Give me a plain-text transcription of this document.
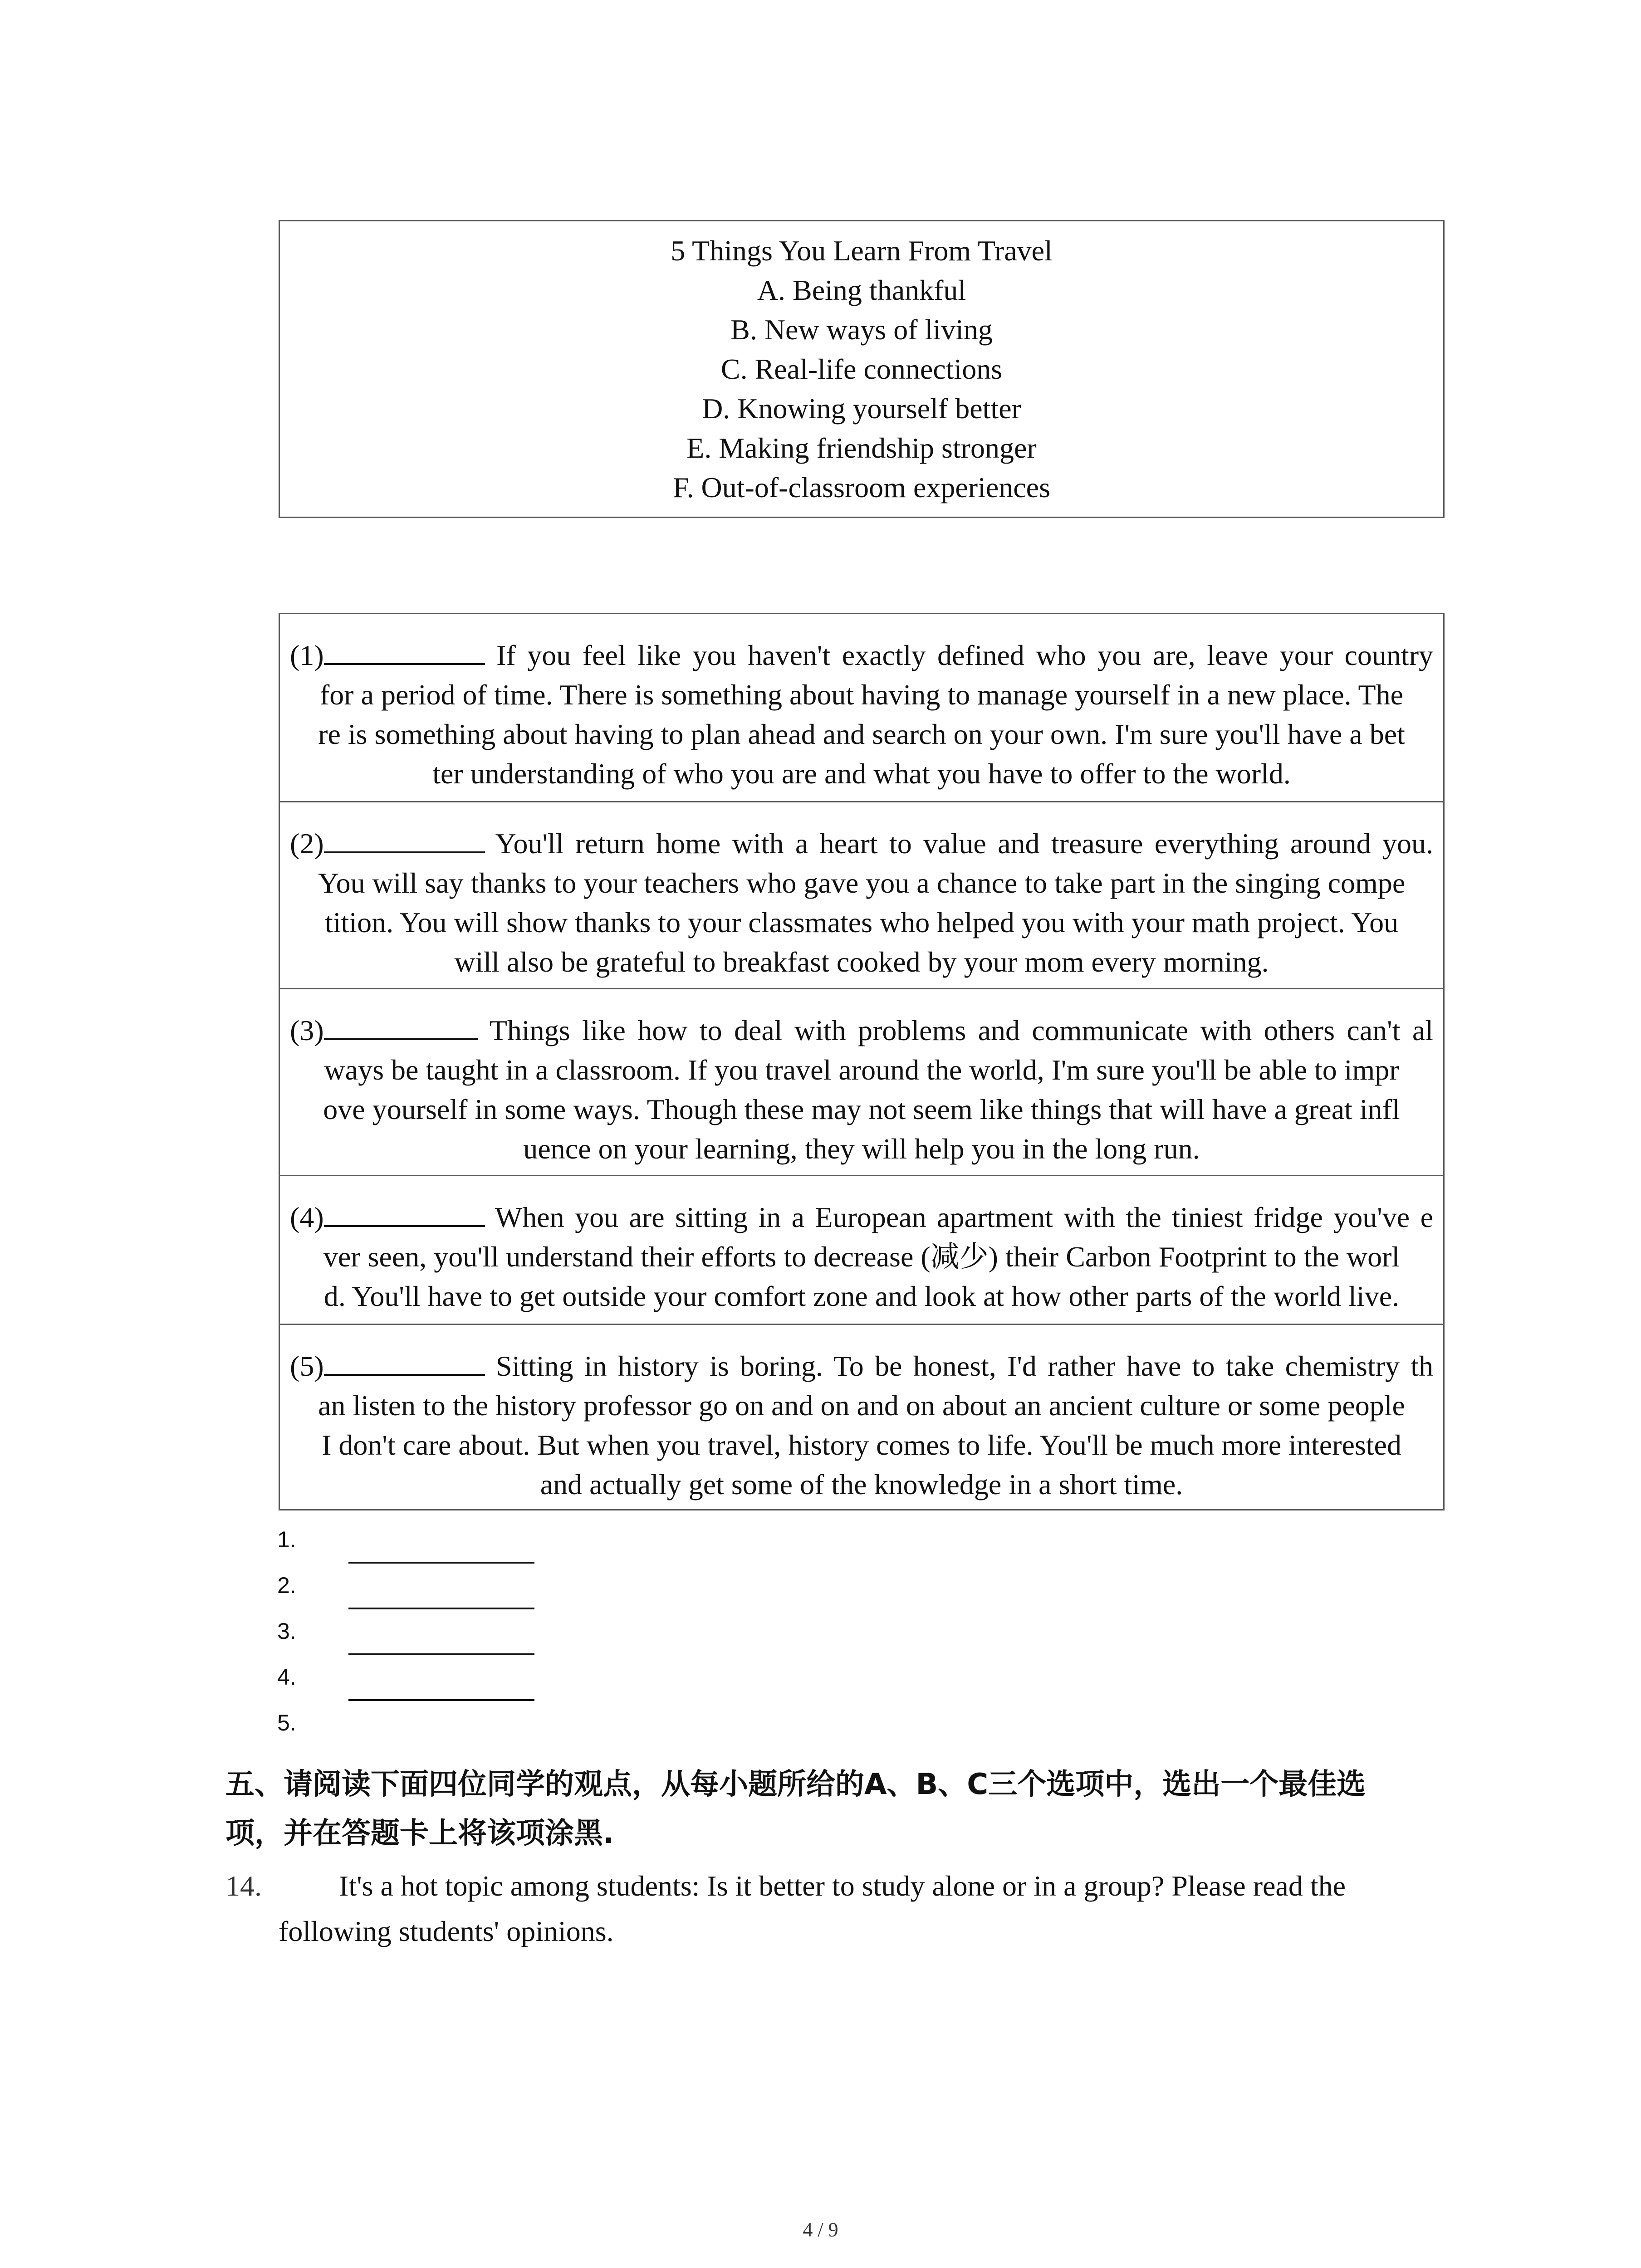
5 Things You Learn From Travel
A. Being thankful
B. New ways of living
C. Real-life connections
D. Knowing yourself better
E. Making friendship stronger
F. Out-of-classroom experiences
(1)	If you feel like you haven't exactly defined who you are, leave your country
for a period of time. There is something about having to manage yourself in a new place. The
re is something about having to plan ahead and search on your own. I'm sure you'll have a bet
ter understanding of who you are and what you have to offer to the world.
(2)	You'll return home with a heart to value and treasure everything around you.
You will say thanks to your teachers who gave you a chance to take part in the singing compe
tition. You will show thanks to your classmates who helped you with your math project. You
will also be grateful to breakfast cooked by your mom every morning.
(3)	Things like how to deal with problems and communicate with others can't al
ways be taught in a classroom. If you travel around the world, I'm sure you'll be able to impr
ove yourself in some ways. Though these may not seem like things that will have a great infl
uence on your learning, they will help you in the long run.
(4)	When you are sitting in a European apartment with the tiniest fridge you've e
ver seen, you'll understand their efforts to decrease (减少) their Carbon Footprint to the worl
d. You'll have to get outside your comfort zone and look at how other parts of the world live.
(5)	Sitting in history is boring. To be honest, I'd rather have to take chemistry th
an listen to the history professor go on and on and on about an ancient culture or some people
I don't care about. But when you travel, history comes to life. You'll be much more interested
and actually get some of the knowledge in a short time.
1.
2.
3.
4.
5.
五、请阅读下面四位同学的观点，从每小题所给的A、B、C三个选项中，选出一个最佳选
项，并在答题卡上将该项涂黑.
14.	It's a hot topic among students: Is it better to study alone or in a group? Please read the
following students' opinions.
4 / 9
